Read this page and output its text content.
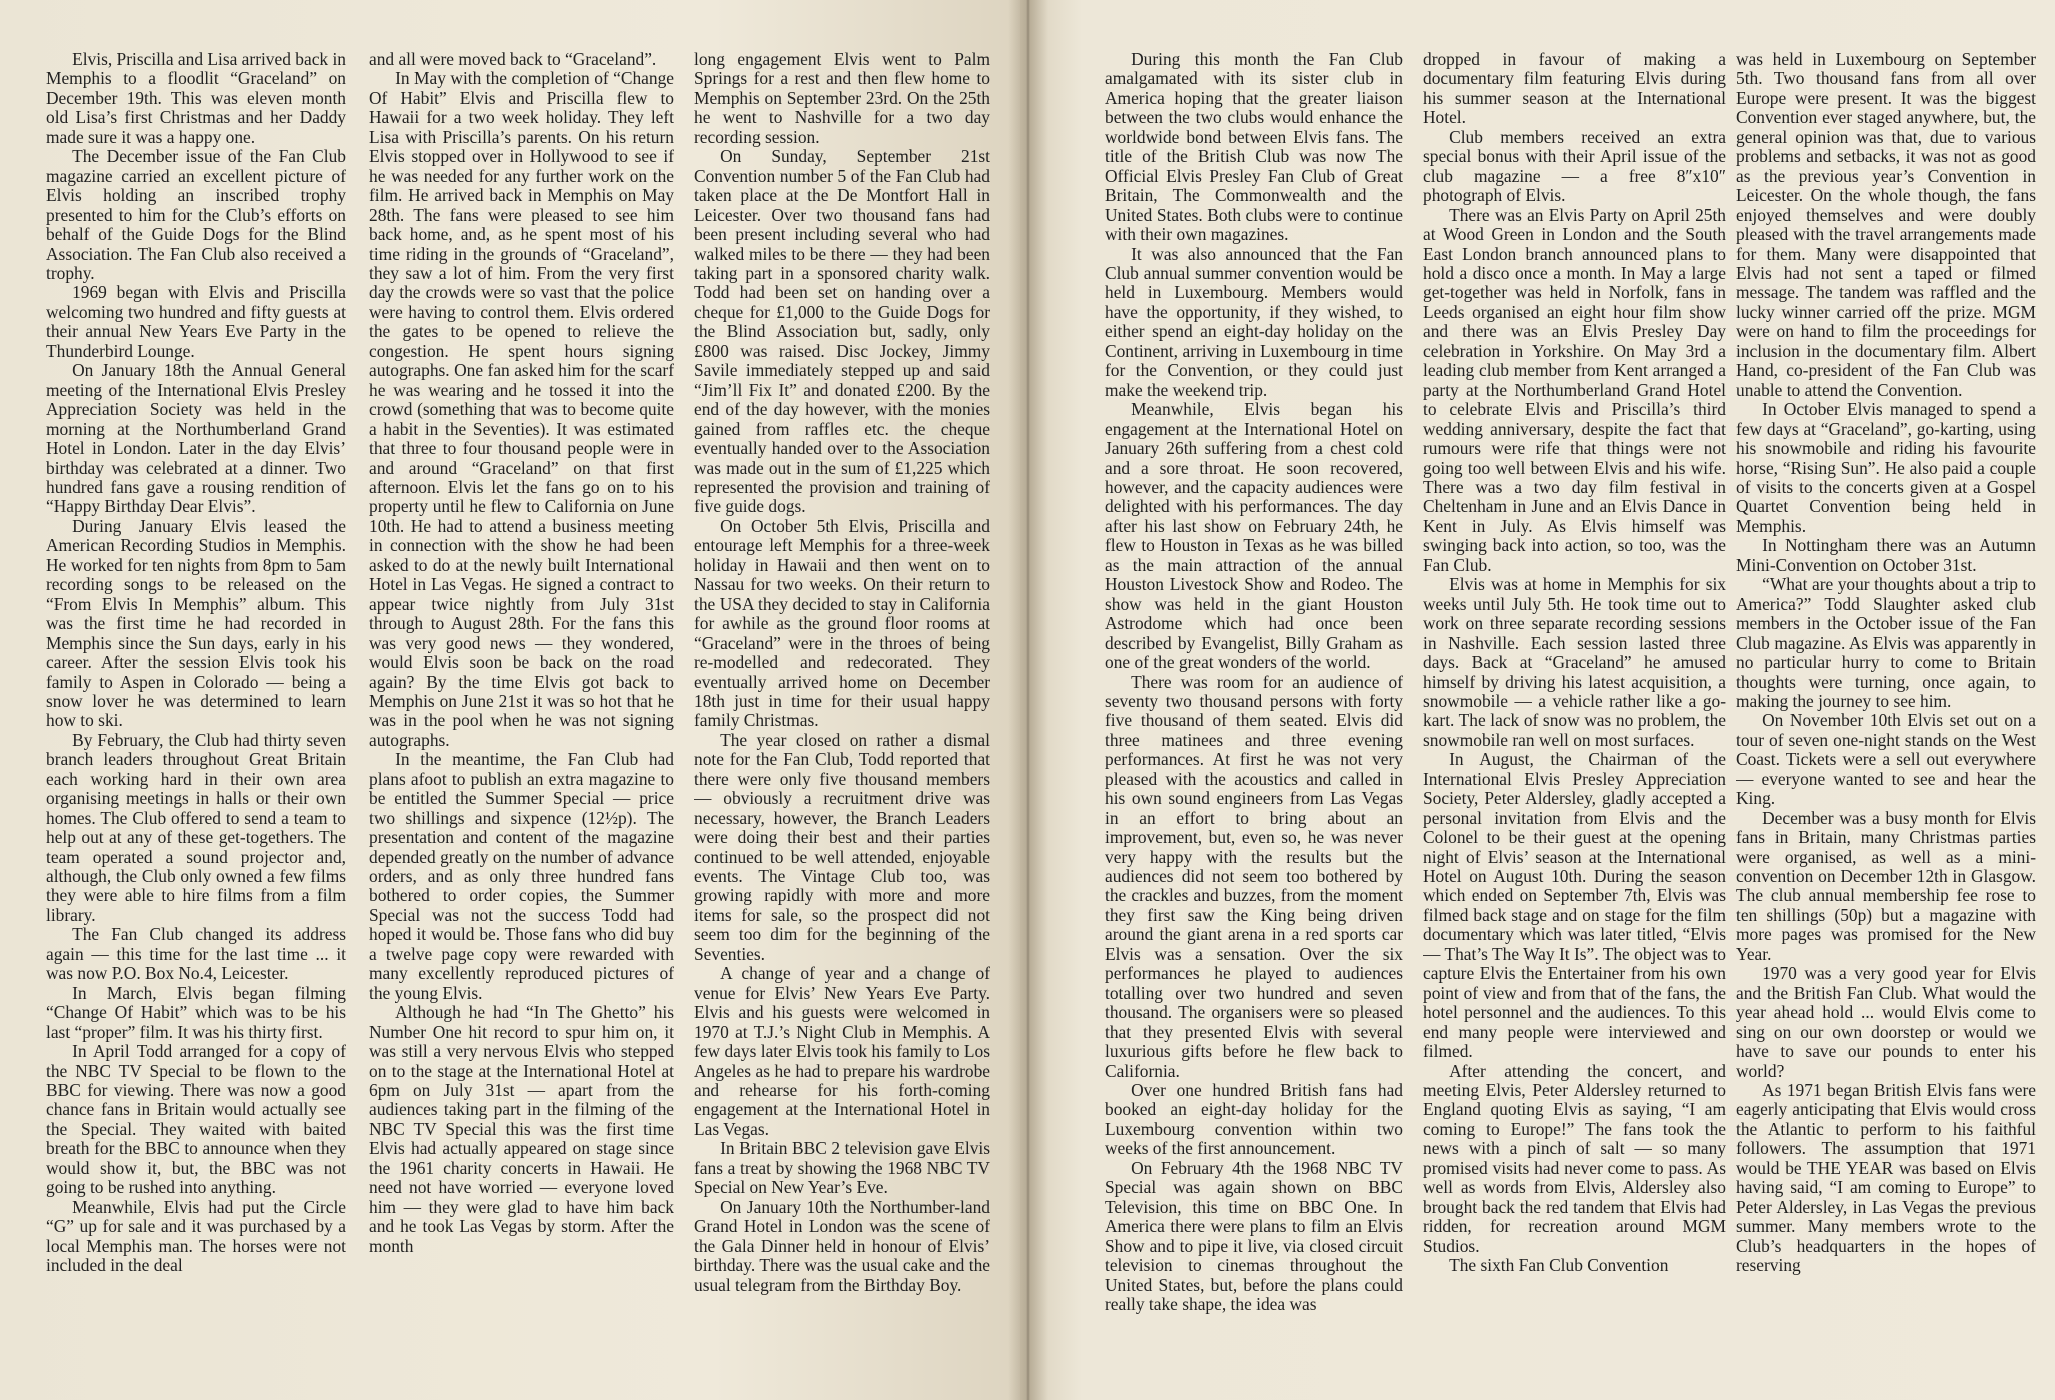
Elvis, Priscilla and Lisa arrived back in Memphis to a floodlit “Graceland” on December 19th. This was eleven month old Lisa’s first Christmas and her Daddy made sure it was a happy one.

The December issue of the Fan Club magazine carried an excellent picture of Elvis holding an inscribed trophy presented to him for the Club’s efforts on behalf of the Guide Dogs for the Blind Association. The Fan Club also received a trophy.

1969 began with Elvis and Priscilla welcoming two hundred and fifty guests at their annual New Years Eve Party in the Thunderbird Lounge.

On January 18th the Annual General meeting of the International Elvis Presley Appreciation Society was held in the morning at the Northumberland Grand Hotel in London. Later in the day Elvis’ birthday was celebrated at a dinner. Two hundred fans gave a rousing rendition of “Happy Birthday Dear Elvis”.

During January Elvis leased the American Recording Studios in Memphis. He worked for ten nights from 8pm to 5am recording songs to be released on the “From Elvis In Memphis” album. This was the first time he had recorded in Memphis since the Sun days, early in his career. After the session Elvis took his family to Aspen in Colorado — being a snow lover he was determined to learn how to ski.

By February, the Club had thirty seven branch leaders throughout Great Britain each working hard in their own area organising meetings in halls or their own homes. The Club offered to send a team to help out at any of these get-togethers. The team operated a sound projector and, although, the Club only owned a few films they were able to hire films from a film library.

The Fan Club changed its address again — this time for the last time ... it was now P.O. Box No.4, Leicester.

In March, Elvis began filming “Change Of Habit” which was to be his last “proper” film. It was his thirty first.

In April Todd arranged for a copy of the NBC TV Special to be flown to the BBC for viewing. There was now a good chance fans in Britain would actually see the Special. They waited with baited breath for the BBC to announce when they would show it, but, the BBC was not going to be rushed into anything.

Meanwhile, Elvis had put the Circle “G” up for sale and it was purchased by a local Memphis man. The horses were not included in the deal

and all were moved back to “Graceland”.

In May with the completion of “Change Of Habit” Elvis and Priscilla flew to Hawaii for a two week holiday. They left Lisa with Priscilla’s parents. On his return Elvis stopped over in Hollywood to see if he was needed for any further work on the film. He arrived back in Memphis on May 28th. The fans were pleased to see him back home, and, as he spent most of his time riding in the grounds of “Graceland”, they saw a lot of him. From the very first day the crowds were so vast that the police were having to control them. Elvis ordered the gates to be opened to relieve the congestion. He spent hours signing autographs. One fan asked him for the scarf he was wearing and he tossed it into the crowd (something that was to become quite a habit in the Seventies). It was estimated that three to four thousand people were in and around “Graceland” on that first afternoon. Elvis let the fans go on to his property until he flew to California on June 10th. He had to attend a business meeting in connection with the show he had been asked to do at the newly built International Hotel in Las Vegas. He signed a contract to appear twice nightly from July 31st through to August 28th. For the fans this was very good news — they wondered, would Elvis soon be back on the road again? By the time Elvis got back to Memphis on June 21st it was so hot that he was in the pool when he was not signing autographs.

In the meantime, the Fan Club had plans afoot to publish an extra magazine to be entitled the Summer Special — price two shillings and sixpence (12½p). The presentation and content of the magazine depended greatly on the number of advance orders, and as only three hundred fans bothered to order copies, the Summer Special was not the success Todd had hoped it would be. Those fans who did buy a twelve page copy were rewarded with many excellently reproduced pictures of the young Elvis.

Although he had “In The Ghetto” his Number One hit record to spur him on, it was still a very nervous Elvis who stepped on to the stage at the International Hotel at 6pm on July 31st — apart from the audiences taking part in the filming of the NBC TV Special this was the first time Elvis had actually appeared on stage since the 1961 charity concerts in Hawaii. He need not have worried — everyone loved him — they were glad to have him back and he took Las Vegas by storm. After the month

long engagement Elvis went to Palm Springs for a rest and then flew home to Memphis on September 23rd. On the 25th he went to Nashville for a two day recording session.

On Sunday, September 21st Convention number 5 of the Fan Club had taken place at the De Montfort Hall in Leicester. Over two thousand fans had been present including several who had walked miles to be there — they had been taking part in a sponsored charity walk. Todd had been set on handing over a cheque for £1,000 to the Guide Dogs for the Blind Association but, sadly, only £800 was raised. Disc Jockey, Jimmy Savile immediately stepped up and said “Jim’ll Fix It” and donated £200. By the end of the day however, with the monies gained from raffles etc. the cheque eventually handed over to the Association was made out in the sum of £1,225 which represented the provision and training of five guide dogs.

On October 5th Elvis, Priscilla and entourage left Memphis for a three-week holiday in Hawaii and then went on to Nassau for two weeks. On their return to the USA they decided to stay in California for awhile as the ground floor rooms at “Graceland” were in the throes of being re-modelled and redecorated. They eventually arrived home on December 18th just in time for their usual happy family Christmas.

The year closed on rather a dismal note for the Fan Club, Todd reported that there were only five thousand members — obviously a recruitment drive was necessary, however, the Branch Leaders were doing their best and their parties continued to be well attended, enjoyable events. The Vintage Club too, was growing rapidly with more and more items for sale, so the prospect did not seem too dim for the beginning of the Seventies.

A change of year and a change of venue for Elvis’ New Years Eve Party. Elvis and his guests were welcomed in 1970 at T.J.’s Night Club in Memphis. A few days later Elvis took his family to Los Angeles as he had to prepare his wardrobe and rehearse for his forth-coming engagement at the International Hotel in Las Vegas.

In Britain BBC 2 television gave Elvis fans a treat by showing the 1968 NBC TV Special on New Year’s Eve.

On January 10th the Northumber-land Grand Hotel in London was the scene of the Gala Dinner held in honour of Elvis’ birthday. There was the usual cake and the usual telegram from the Birthday Boy.

During this month the Fan Club amalgamated with its sister club in America hoping that the greater liaison between the two clubs would enhance the worldwide bond between Elvis fans. The title of the British Club was now The Official Elvis Presley Fan Club of Great Britain, The Commonwealth and the United States. Both clubs were to continue with their own magazines.

It was also announced that the Fan Club annual summer convention would be held in Luxembourg. Members would have the opportunity, if they wished, to either spend an eight-day holiday on the Continent, arriving in Luxembourg in time for the Convention, or they could just make the weekend trip.

Meanwhile, Elvis began his engagement at the International Hotel on January 26th suffering from a chest cold and a sore throat. He soon recovered, however, and the capacity audiences were delighted with his performances. The day after his last show on February 24th, he flew to Houston in Texas as he was billed as the main attraction of the annual Houston Livestock Show and Rodeo. The show was held in the giant Houston Astrodome which had once been described by Evangelist, Billy Graham as one of the great wonders of the world.

There was room for an audience of seventy two thousand persons with forty five thousand of them seated. Elvis did three matinees and three evening performances. At first he was not very pleased with the acoustics and called in his own sound engineers from Las Vegas in an effort to bring about an improvement, but, even so, he was never very happy with the results but the audiences did not seem too bothered by the crackles and buzzes, from the moment they first saw the King being driven around the giant arena in a red sports car Elvis was a sensation. Over the six performances he played to audiences totalling over two hundred and seven thousand. The organisers were so pleased that they presented Elvis with several luxurious gifts before he flew back to California.

Over one hundred British fans had booked an eight-day holiday for the Luxembourg convention within two weeks of the first announcement.

On February 4th the 1968 NBC TV Special was again shown on BBC Television, this time on BBC One. In America there were plans to film an Elvis Show and to pipe it live, via closed circuit television to cinemas throughout the United States, but, before the plans could really take shape, the idea was

dropped in favour of making a documentary film featuring Elvis during his summer season at the International Hotel.

Club members received an extra special bonus with their April issue of the club magazine — a free 8″x10″ photograph of Elvis.

There was an Elvis Party on April 25th at Wood Green in London and the South East London branch announced plans to hold a disco once a month. In May a large get-together was held in Norfolk, fans in Leeds organised an eight hour film show and there was an Elvis Presley Day celebration in Yorkshire. On May 3rd a leading club member from Kent arranged a party at the Northumberland Grand Hotel to celebrate Elvis and Priscilla’s third wedding anniversary, despite the fact that rumours were rife that things were not going too well between Elvis and his wife. There was a two day film festival in Cheltenham in June and an Elvis Dance in Kent in July. As Elvis himself was swinging back into action, so too, was the Fan Club.

Elvis was at home in Memphis for six weeks until July 5th. He took time out to work on three separate recording sessions in Nashville. Each session lasted three days. Back at “Graceland” he amused himself by driving his latest acquisition, a snowmobile — a vehicle rather like a go-kart. The lack of snow was no problem, the snowmobile ran well on most surfaces.

In August, the Chairman of the International Elvis Presley Appreciation Society, Peter Aldersley, gladly accepted a personal invitation from Elvis and the Colonel to be their guest at the opening night of Elvis’ season at the International Hotel on August 10th. During the season which ended on September 7th, Elvis was filmed back stage and on stage for the film documentary which was later titled, “Elvis — That’s The Way It Is”. The object was to capture Elvis the Entertainer from his own point of view and from that of the fans, the hotel personnel and the audiences. To this end many people were interviewed and filmed.

After attending the concert, and meeting Elvis, Peter Aldersley returned to England quoting Elvis as saying, “I am coming to Europe!” The fans took the news with a pinch of salt — so many promised visits had never come to pass. As well as words from Elvis, Aldersley also brought back the red tandem that Elvis had ridden, for recreation around MGM Studios.

The sixth Fan Club Convention

was held in Luxembourg on September 5th. Two thousand fans from all over Europe were present. It was the biggest Convention ever staged anywhere, but, the general opinion was that, due to various problems and setbacks, it was not as good as the previous year’s Convention in Leicester. On the whole though, the fans enjoyed themselves and were doubly pleased with the travel arrangements made for them. Many were disappointed that Elvis had not sent a taped or filmed message. The tandem was raffled and the lucky winner carried off the prize. MGM were on hand to film the proceedings for inclusion in the documentary film. Albert Hand, co-president of the Fan Club was unable to attend the Convention.

In October Elvis managed to spend a few days at “Graceland”, go-karting, using his snowmobile and riding his favourite horse, “Rising Sun”. He also paid a couple of visits to the concerts given at a Gospel Quartet Convention being held in Memphis.

In Nottingham there was an Autumn Mini-Convention on October 31st.

“What are your thoughts about a trip to America?” Todd Slaughter asked club members in the October issue of the Fan Club magazine. As Elvis was apparently in no particular hurry to come to Britain thoughts were turning, once again, to making the journey to see him.

On November 10th Elvis set out on a tour of seven one-night stands on the West Coast. Tickets were a sell out everywhere — everyone wanted to see and hear the King.

December was a busy month for Elvis fans in Britain, many Christmas parties were organised, as well as a mini-convention on December 12th in Glasgow. The club annual membership fee rose to ten shillings (50p) but a magazine with more pages was promised for the New Year.

1970 was a very good year for Elvis and the British Fan Club. What would the year ahead hold ... would Elvis come to sing on our own doorstep or would we have to save our pounds to enter his world?

As 1971 began British Elvis fans were eagerly anticipating that Elvis would cross the Atlantic to perform to his faithful followers. The assumption that 1971 would be THE YEAR was based on Elvis having said, “I am coming to Europe” to Peter Aldersley, in Las Vegas the previous summer. Many members wrote to the Club’s headquarters in the hopes of reserving
